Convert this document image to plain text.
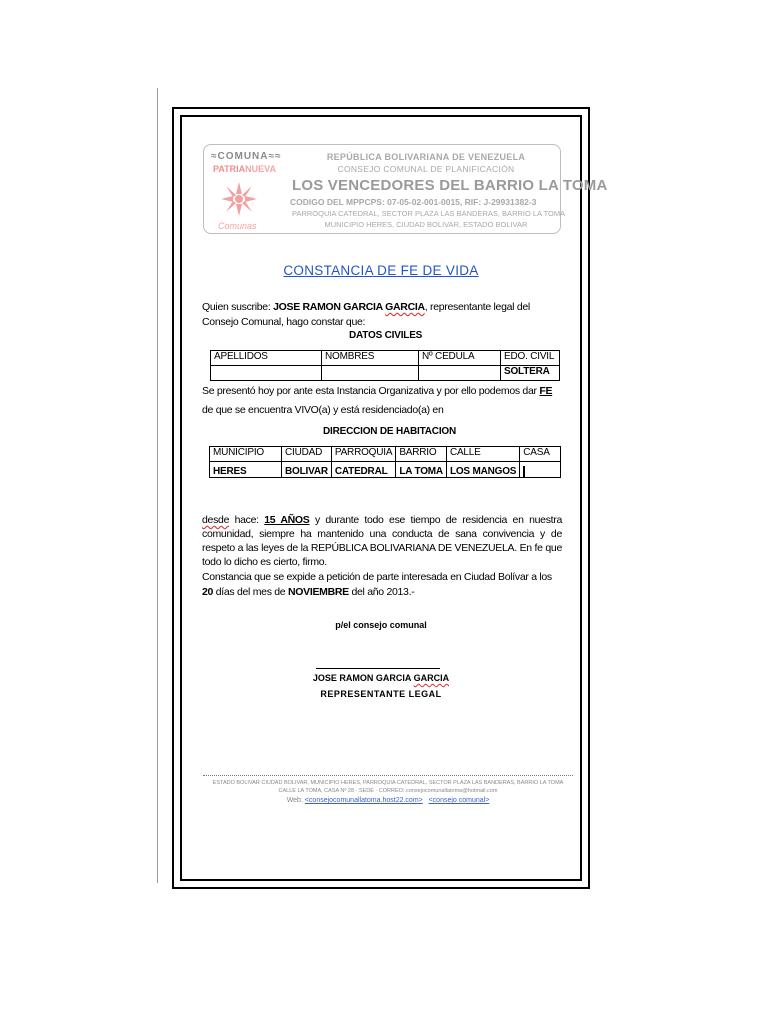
≈COMUNA≈≈
PATRIANUEVA
Comunas
REPÚBLICA BOLIVARIANA DE VENEZUELA
CONSEJO COMUNAL DE PLANIFICACIÓN
LOS VENCEDORES DEL BARRIO LA TOMA
CODIGO DEL MPPCPS: 07-05-02-001-0015, RIF: J-29931382-3
PARROQUIA CATEDRAL, SECTOR PLAZA LAS BANDERAS, BARRIO LA TOMA
MUNICIPIO HERES, CIUDAD BOLIVAR, ESTADO BOLIVAR
CONSTANCIA DE FE DE VIDA
Quien suscribe: JOSE RAMON GARCIA GARCIA, representante legal del Consejo Comunal, hago constar que:
DATOS CIVILES
APELLIDOS	NOMBRES	Nº CEDULA	EDO. CIVIL
			SOLTERA
Se presentó hoy por ante esta Instancia Organizativa y por ello podemos dar FE de que se encuentra VIVO(a) y está residenciado(a) en
DIRECCION DE HABITACION
MUNICIPIO	CIUDAD	PARROQUIA	BARRIO	CALLE	CASA
HERES	BOLIVAR	CATEDRAL	LA TOMA	LOS MANGOS	
desde hace: 15 AÑOS y durante todo ese tiempo de residencia en nuestra comunidad, siempre ha mantenido una conducta de sana convivencia y de respeto a las leyes de la REPÚBLICA BOLIVARIANA DE VENEZUELA. En fe que todo lo dicho es cierto, firmo.
Constancia que se expide a petición de parte interesada en Ciudad Bolívar a los 20 días del mes de NOVIEMBRE del año 2013.-
p/el consejo comunal
JOSE RAMON GARCIA GARCIA
REPRESENTANTE LEGAL
ESTADO BOLIVAR CIUDAD BOLIVAR, MUNICIPIO HERES, PARROQUIA CATEDRAL, SECTOR PLAZA LAS BANDERAS, BARRIO LA TOMA
CALLE LA TOMA, CASA Nº 28 · SEDE · CORREO: consejocomunallatoma@hotmail.com
Web: <consejocomunallatoma.host22.com> <consejo comunal>
